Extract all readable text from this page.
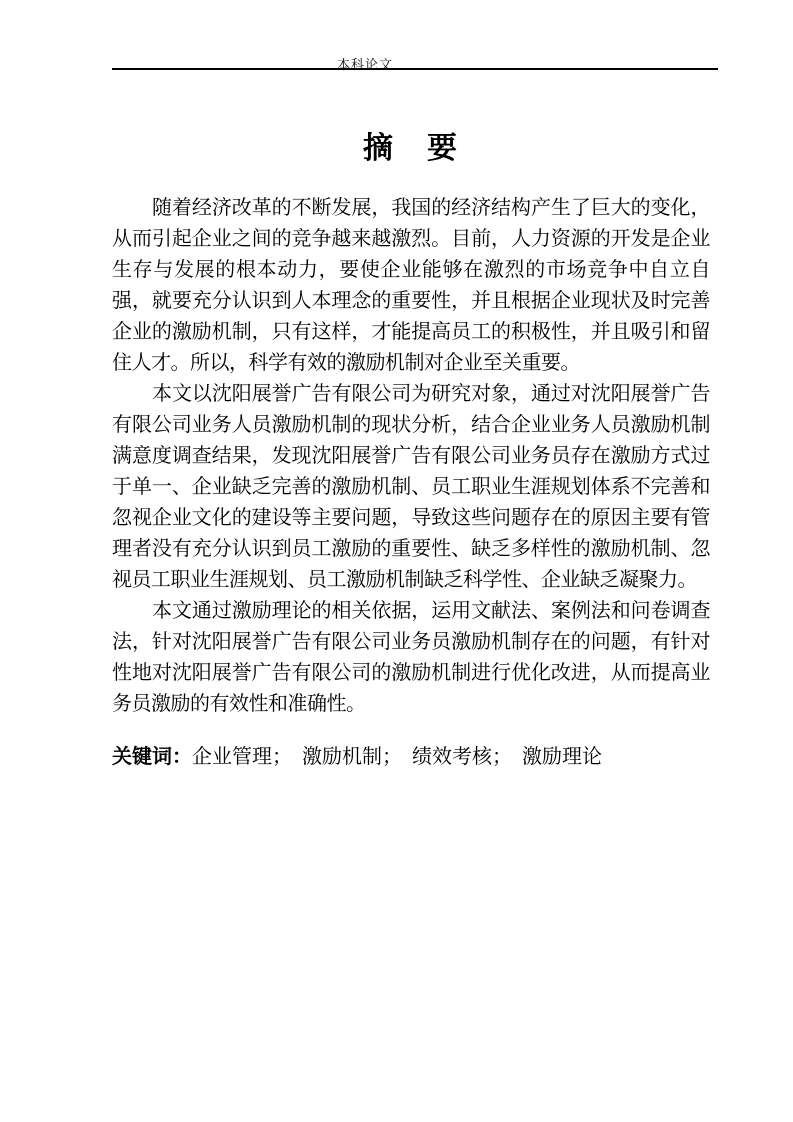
本科论文
摘　要

随着经济改革的不断发展，我国的经济结构产生了巨大的变化，从而引起企业之间的竞争越来越激烈。目前，人力资源的开发是企业生存与发展的根本动力，要使企业能够在激烈的市场竞争中自立自强，就要充分认识到人本理念的重要性，并且根据企业现状及时完善企业的激励机制，只有这样，才能提高员工的积极性，并且吸引和留住人才。所以，科学有效的激励机制对企业至关重要。

本文以沈阳展誉广告有限公司为研究对象，通过对沈阳展誉广告有限公司业务人员激励机制的现状分析，结合企业业务人员激励机制满意度调查结果，发现沈阳展誉广告有限公司业务员存在激励方式过于单一、企业缺乏完善的激励机制、员工职业生涯规划体系不完善和忽视企业文化的建设等主要问题，导致这些问题存在的原因主要有管理者没有充分认识到员工激励的重要性、缺乏多样性的激励机制、忽视员工职业生涯规划、员工激励机制缺乏科学性、企业缺乏凝聚力。

本文通过激励理论的相关依据，运用文献法、案例法和问卷调查法，针对沈阳展誉广告有限公司业务员激励机制存在的问题，有针对性地对沈阳展誉广告有限公司的激励机制进行优化改进，从而提高业务员激励的有效性和准确性。

关键词：企业管理；　激励机制；　绩效考核；　激励理论
